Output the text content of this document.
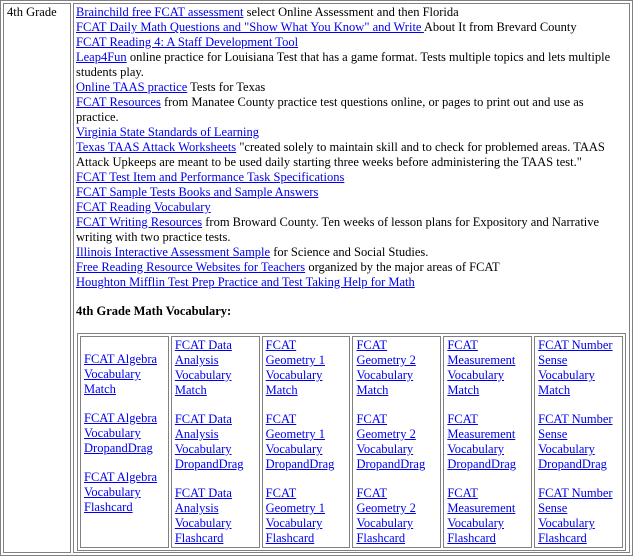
4th Grade	Brainchild free FCAT assessment select Online Assessment and then Florida
FCAT Daily Math Questions and "Show What You Know" and Write About It from Brevard County
FCAT Reading 4: A Staff Development Tool
Leap4Fun online practice for Louisiana Test that has a game format. Tests multiple topics and lets multiple students play.
Online TAAS practice Tests for Texas
FCAT Resources from Manatee County practice test questions online, or pages to print out and use as practice.
Virginia State Standards of Learning
Texas TAAS Attack Worksheets "created solely to maintain skill and to check for problemed areas. TAAS Attack Upkeeps are meant to be used daily starting three weeks before administering the TAAS test."
FCAT Test Item and Performance Task Specifications
FCAT Sample Tests Books and Sample Answers
FCAT Reading Vocabulary
FCAT Writing Resources from Broward County. Ten weeks of lesson plans for Expository and Narrative writing with two practice tests.
Illinois Interactive Assessment Sample for Science and Social Studies.
Free Reading Resource Websites for Teachers organized by the major areas of FCAT
Houghton Mifflin Test Prep Practice and Test Taking Help for Math
4th Grade Math Vocabulary:
FCAT Algebra Vocabulary Match
FCAT Algebra Vocabulary DropandDrag
FCAT Algebra Vocabulary Flashcard

FCAT Data Analysis Vocabulary Match
FCAT Data Analysis Vocabulary DropandDrag
FCAT Data Analysis Vocabulary Flashcard

FCAT Geometry 1 Vocabulary Match
FCAT Geometry 1 Vocabulary DropandDrag
FCAT Geometry 1 Vocabulary Flashcard

FCAT Geometry 2 Vocabulary Match
FCAT Geometry 2 Vocabulary DropandDrag
FCAT Geometry 2 Vocabulary Flashcard

FCAT Measurement Vocabulary Match
FCAT Measurement Vocabulary DropandDrag
FCAT Measurement Vocabulary Flashcard

FCAT Number Sense Vocabulary Match
FCAT Number Sense Vocabulary DropandDrag
FCAT Number Sense Vocabulary Flashcard
